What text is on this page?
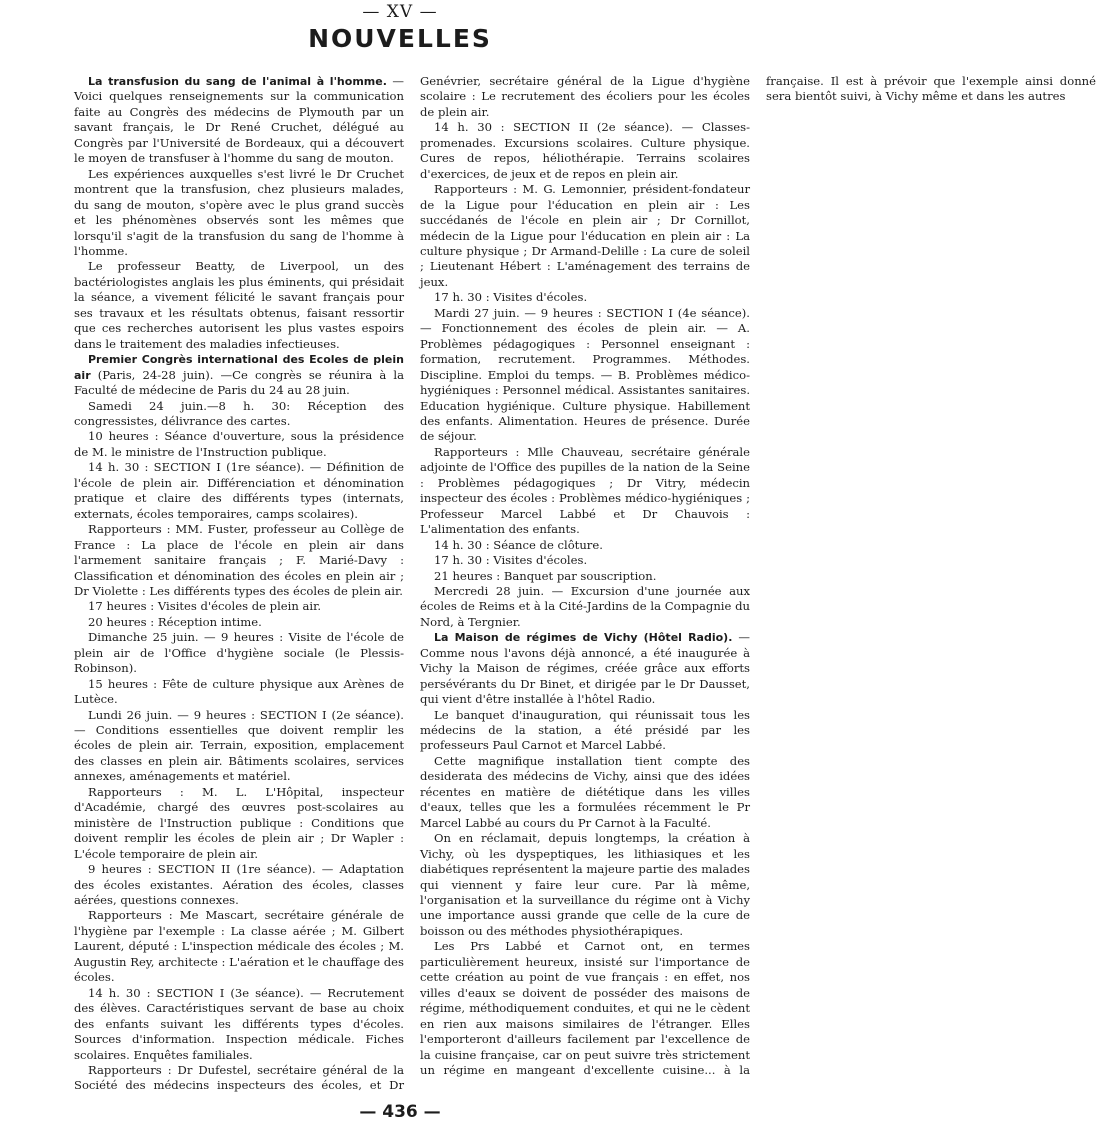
— XV —
NOUVELLES

La transfusion du sang de l'animal à l'homme. — Voici quelques renseignements sur la communication faite au Congrès des médecins de Plymouth par un savant français, le Dr René Cruchet, délégué au Congrès par l'Université de Bordeaux, qui a découvert le moyen de transfuser à l'homme du sang de mouton.

Les expériences auxquelles s'est livré le Dr Cruchet montrent que la transfusion, chez plusieurs malades, du sang de mouton, s'opère avec le plus grand succès et les phénomènes observés sont les mêmes que lorsqu'il s'agit de la transfusion du sang de l'homme à l'homme.

Le professeur Beatty, de Liverpool, un des bactériologistes anglais les plus éminents, qui présidait la séance, a vivement félicité le savant français pour ses travaux et les résultats obtenus, faisant ressortir que ces recherches autorisent les plus vastes espoirs dans le traitement des maladies infectieuses.

Premier Congrès international des Ecoles de plein air (Paris, 24-28 juin). —Ce congrès se réunira à la Faculté de médecine de Paris du 24 au 28 juin.

Samedi 24 juin.—8 h. 30: Réception des congressistes, délivrance des cartes.

10 heures : Séance d'ouverture, sous la présidence de M. le ministre de l'Instruction publique.

14 h. 30 : SECTION I (1re séance). — Définition de l'école de plein air. Différenciation et dénomination pratique et claire des différents types (internats, externats, écoles temporaires, camps scolaires).

Rapporteurs : MM. Fuster, professeur au Collège de France : La place de l'école en plein air dans l'armement sanitaire français ; F. Marié-Davy : Classification et dénomination des écoles en plein air ; Dr Violette : Les différents types des écoles de plein air.

17 heures : Visites d'écoles de plein air.

20 heures : Réception intime.

Dimanche 25 juin. — 9 heures : Visite de l'école de plein air de l'Office d'hygiène sociale (le Plessis-Robinson).

15 heures : Fête de culture physique aux Arènes de Lutèce.

Lundi 26 juin. — 9 heures : SECTION I (2e séance). — Conditions essentielles que doivent remplir les écoles de plein air. Terrain, exposition, emplacement des classes en plein air. Bâtiments scolaires, services annexes, aménagements et matériel.

Rapporteurs : M. L. L'Hôpital, inspecteur d'Académie, chargé des œuvres post-scolaires au ministère de l'Instruction publique : Conditions que doivent remplir les écoles de plein air ; Dr Wapler : L'école temporaire de plein air.

9 heures : SECTION II (1re séance). — Adaptation des écoles existantes. Aération des écoles, classes aérées, questions connexes.

Rapporteurs : Me Mascart, secrétaire générale de l'hygiène par l'exemple : La classe aérée ; M. Gilbert Laurent, député : L'inspection médicale des écoles ; M. Augustin Rey, architecte : L'aération et le chauffage des écoles.

14 h. 30 : SECTION I (3e séance). — Recrutement des élèves. Caractéristiques servant de base au choix des enfants suivant les différents types d'écoles. Sources d'information. Inspection médicale. Fiches scolaires. Enquêtes familiales.

Rapporteurs : Dr Dufestel, secrétaire général de la Société des médecins inspecteurs des écoles, et Dr Genévrier, secrétaire général de la Ligue d'hygiène scolaire : Le recrutement des écoliers pour les écoles de plein air.

14 h. 30 : SECTION II (2e séance). — Classes-promenades. Excursions scolaires. Culture physique. Cures de repos, héliothérapie. Terrains scolaires d'exercices, de jeux et de repos en plein air.

Rapporteurs : M. G. Lemonnier, président-fondateur de la Ligue pour l'éducation en plein air : Les succédanés de l'école en plein air ; Dr Cornillot, médecin de la Ligue pour l'éducation en plein air : La culture physique ; Dr Armand-Delille : La cure de soleil ; Lieutenant Hébert : L'aménagement des terrains de jeux.

17 h. 30 : Visites d'écoles.

Mardi 27 juin. — 9 heures : SECTION I (4e séance). — Fonctionnement des écoles de plein air. — A. Problèmes pédagogiques : Personnel enseignant : formation, recrutement. Programmes. Méthodes. Discipline. Emploi du temps. — B. Problèmes médico-hygiéniques : Personnel médical. Assistantes sanitaires. Education hygiénique. Culture physique. Habillement des enfants. Alimentation. Heures de présence. Durée de séjour.

Rapporteurs : Mlle Chauveau, secrétaire générale adjointe de l'Office des pupilles de la nation de la Seine : Problèmes pédagogiques ; Dr Vitry, médecin inspecteur des écoles : Problèmes médico-hygiéniques ; Professeur Marcel Labbé et Dr Chauvois : L'alimentation des enfants.

14 h. 30 : Séance de clôture.

17 h. 30 : Visites d'écoles.

21 heures : Banquet par souscription.

Mercredi 28 juin. — Excursion d'une journée aux écoles de Reims et à la Cité-Jardins de la Compagnie du Nord, à Tergnier.

La Maison de régimes de Vichy (Hôtel Radio). — Comme nous l'avons déjà annoncé, a été inaugurée à Vichy la Maison de régimes, créée grâce aux efforts persévérants du Dr Binet, et dirigée par le Dr Dausset, qui vient d'être installée à l'hôtel Radio.

Le banquet d'inauguration, qui réunissait tous les médecins de la station, a été présidé par les professeurs Paul Carnot et Marcel Labbé.

Cette magnifique installation tient compte des desiderata des médecins de Vichy, ainsi que des idées récentes en matière de diététique dans les villes d'eaux, telles que les a formulées récemment le Pr Marcel Labbé au cours du Pr Carnot à la Faculté.

On en réclamait, depuis longtemps, la création à Vichy, où les dyspeptiques, les lithiasiques et les diabétiques représentent la majeure partie des malades qui viennent y faire leur cure. Par là même, l'organisation et la surveillance du régime ont à Vichy une importance aussi grande que celle de la cure de boisson ou des méthodes physiothérapiques.

Les Prs Labbé et Carnot ont, en termes particulièrement heureux, insisté sur l'importance de cette création au point de vue français : en effet, nos villes d'eaux se doivent de posséder des maisons de régime, méthodiquement conduites, et qui ne le cèdent en rien aux maisons similaires de l'étranger. Elles l'emporteront d'ailleurs facilement par l'excellence de la cuisine française, car on peut suivre très strictement un régime en mangeant d'excellente cuisine... à la française. Il est à prévoir que l'exemple ainsi donné sera bientôt suivi, à Vichy même et dans les autres

— 436 —
